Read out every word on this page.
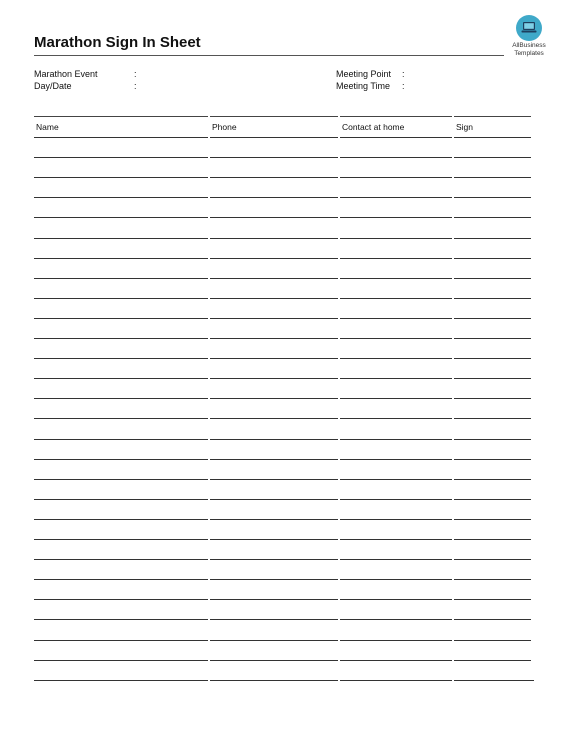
Marathon Sign In Sheet	AllBusiness
Templates
Marathon Event	:
Day/Date	:
Meeting Point	:
Meeting Time	:
Name	Phone	Contact at home	Sign
